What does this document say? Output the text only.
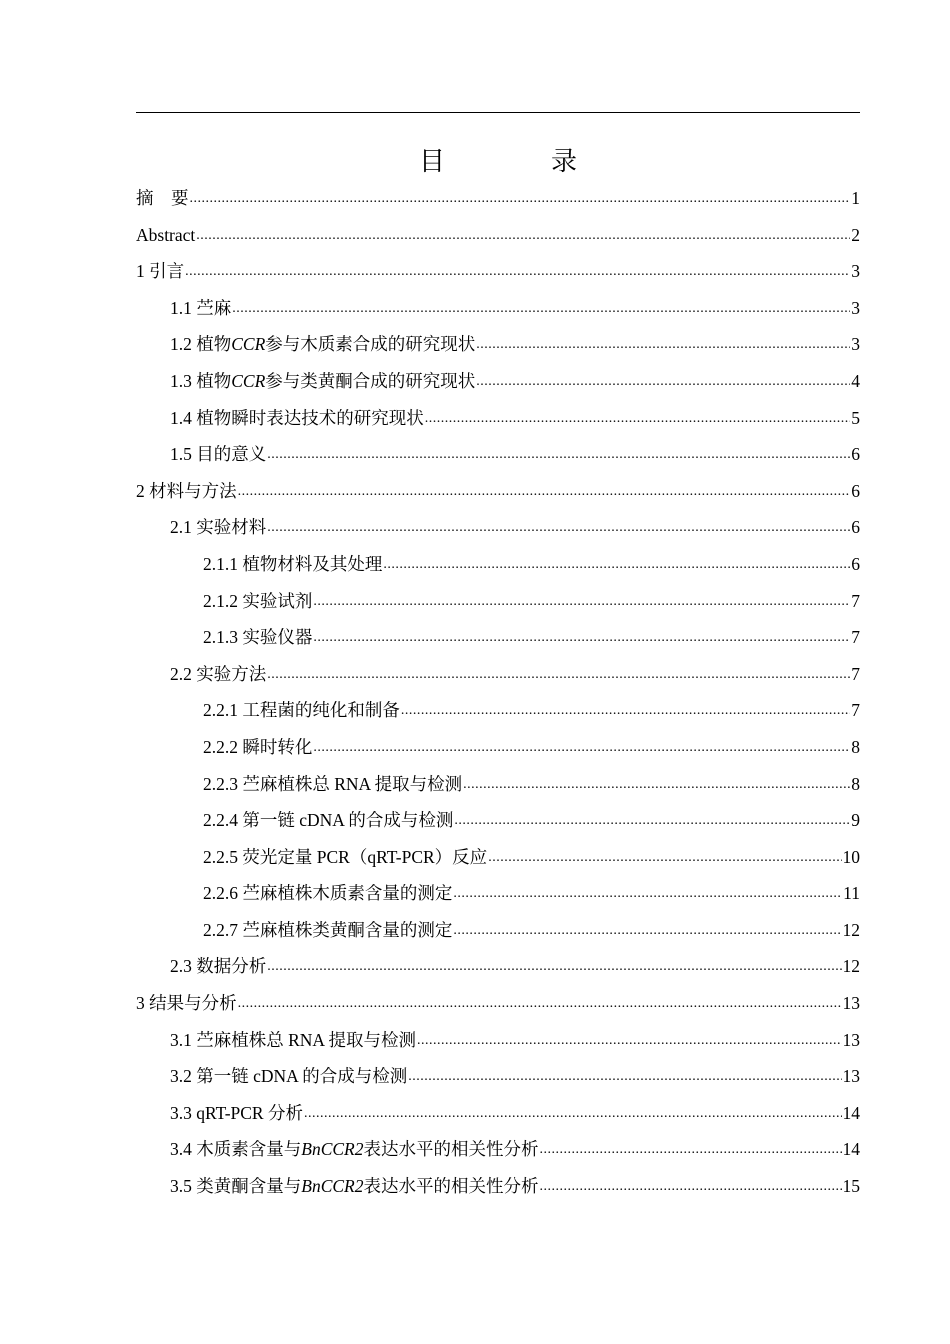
目　录
摘　要 .....	1
Abstract .....	2
1 引言 .....	3
1.1 苎麻 .....	3
1.2 植物CCR参与木质素合成的研究现状 .....	3
1.3 植物CCR参与类黄酮合成的研究现状 .....	4
1.4 植物瞬时表达技术的研究现状 .....	5
1.5 目的意义 .....	6
2 材料与方法 .....	6
2.1 实验材料 .....	6
2.1.1 植物材料及其处理 .....	6
2.1.2 实验试剂 .....	7
2.1.3 实验仪器 .....	7
2.2 实验方法 .....	7
2.2.1 工程菌的纯化和制备 .....	7
2.2.2 瞬时转化 .....	8
2.2.3 苎麻植株总 RNA 提取与检测 .....	8
2.2.4 第一链 cDNA 的合成与检测 .....	9
2.2.5 荧光定量 PCR（qRT-PCR）反应 .....	10
2.2.6 苎麻植株木质素含量的测定 .....	11
2.2.7 苎麻植株类黄酮含量的测定 .....	12
2.3 数据分析 .....	12
3 结果与分析 .....	13
3.1 苎麻植株总 RNA 提取与检测 .....	13
3.2 第一链 cDNA 的合成与检测 .....	13
3.3 qRT-PCR 分析 .....	14
3.4 木质素含量与BnCCR2表达水平的相关性分析 .....	14
3.5 类黄酮含量与BnCCR2表达水平的相关性分析 .....	15
